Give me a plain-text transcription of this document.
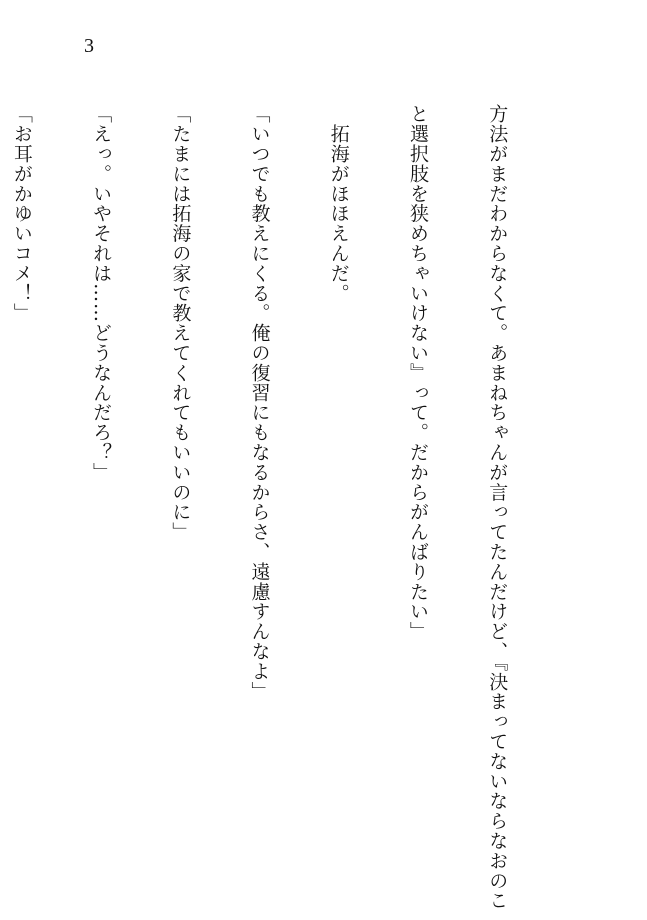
3

方法がまだわからなくて。あまねちゃんが言ってたんだけど、『決まってないならなおのこ

と選択肢を狭めちゃいけない』って。だからがんばりたい」

　拓海がほほえんだ。

「いつでも教えにくる。俺の復習にもなるからさ、遠慮すんなよ」

「たまには拓海の家で教えてくれてもいいのに」

「えっ。いやそれは……どうなんだろ？」

「お耳がかゆいコメ！」
